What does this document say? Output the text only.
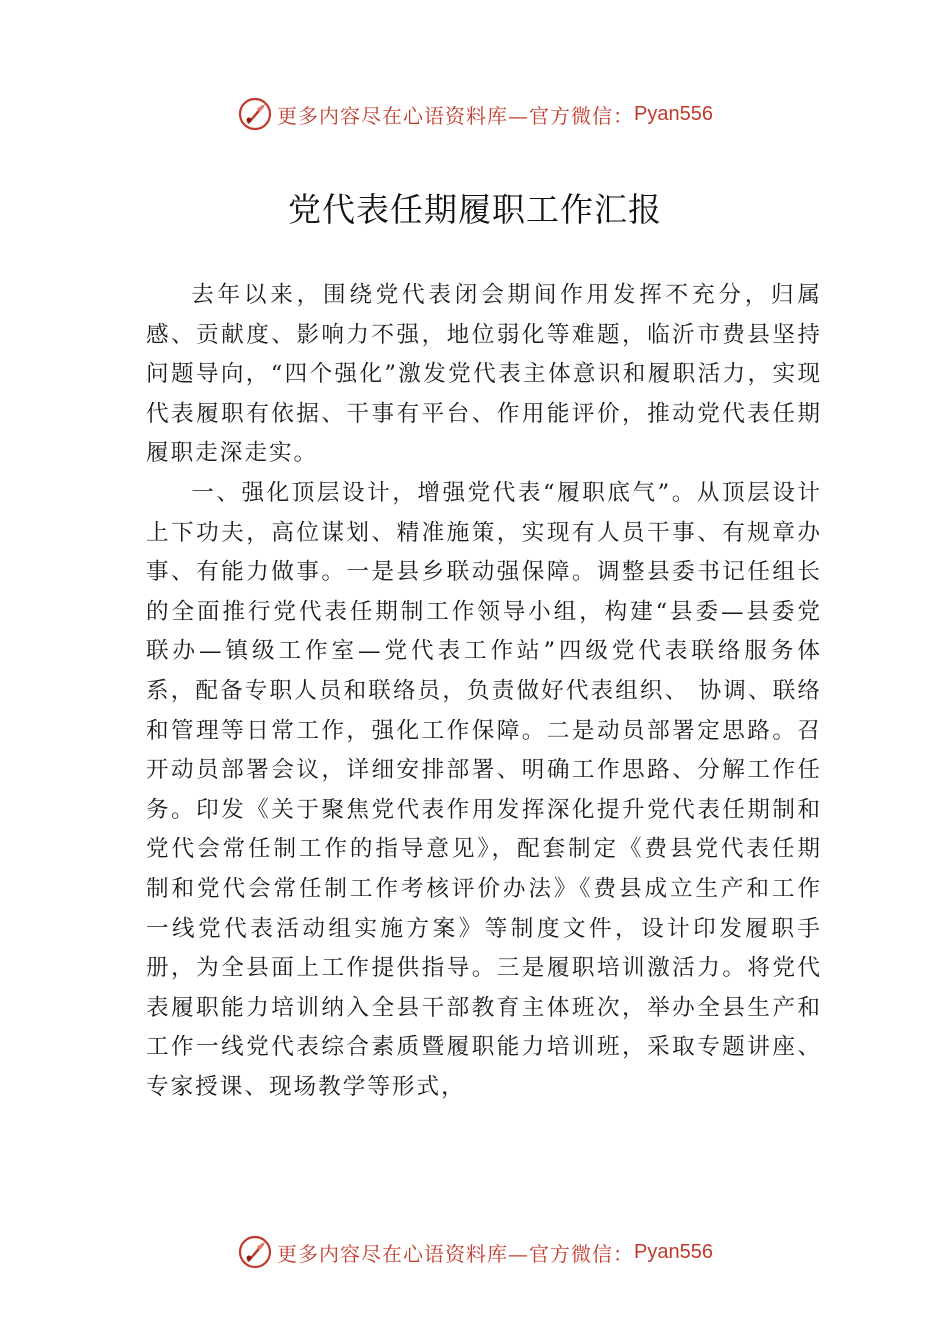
更多内容尽在心语资料库— 官方微信： Pyan556
党代表任期履职工作汇报

去年以来，围绕党代表闭会期间作用发挥不充分，归属感、贡献度、影响力不强，地位弱化等难题，临沂市费县坚持问题导向，“四个强化”激发党代表主体意识和履职活力，实现代表履职有依据、干事有平台、作用能评价，推动党代表任期履职走深走实。

一、强化顶层设计，增强党代表“履职底气”。从顶层设计上下功夫，高位谋划、精准施策，实现有人员干事、有规章办事、有能力做事。一是县乡联动强保障。调整县委书记任组长的全面推行党代表任期制工作领导小组，构建“县委—县委党联办—镇级工作室—党代表工作站”四级党代表联络服务体系，配备专职人员和联络员，负责做好代表组织、 协调、联络和管理等日常工作，强化工作保障。二是动员部署定思路。召开动员部署会议，详细安排部署、明确工作思路、分解工作任务。印发《关于聚焦党代表作用发挥深化提升党代表任期制和党代会常任制工作的指导意见》，配套制定《费县党代表任期制和党代会常任制工作考核评价办法》《费县成立生产和工作一线党代表活动组实施方案》等制度文件，设计印发履职手册，为全县面上工作提供指导。三是履职培训激活力。将党代表履职能力培训纳入全县干部教育主体班次，举办全县生产和工作一线党代表综合素质暨履职能力培训班，采取专题讲座、专家授课、现场教学等形式，

更多内容尽在心语资料库— 官方微信： Pyan556
